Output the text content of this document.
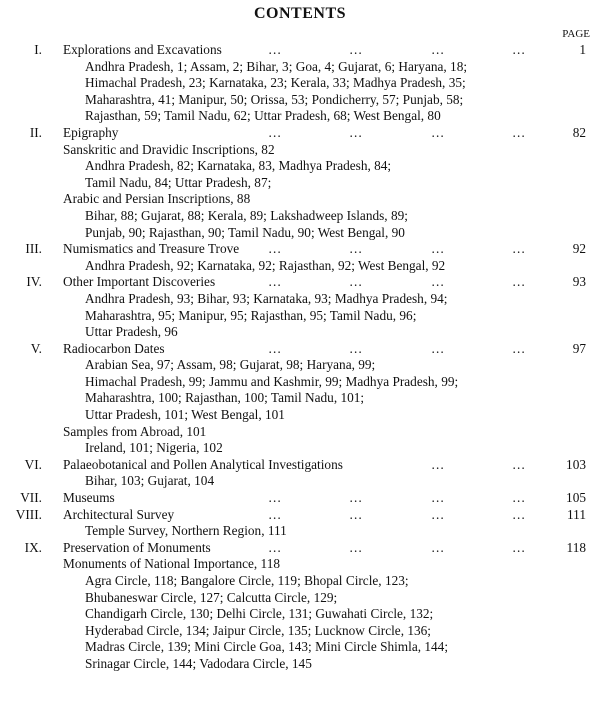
CONTENTS
PAGE
I. Explorations and Excavations	…	…	…	…	1
Andhra Pradesh, 1; Assam, 2; Bihar, 3; Goa, 4; Gujarat, 6; Haryana, 18;
Himachal Pradesh, 23; Karnataka, 23; Kerala, 33; Madhya Pradesh, 35;
Maharashtra, 41; Manipur, 50; Orissa, 53; Pondicherry, 57; Punjab, 58;
Rajasthan, 59; Tamil Nadu, 62; Uttar Pradesh, 68; West Bengal, 80
II. Epigraphy	…	…	…	…	82
Sanskritic and Dravidic Inscriptions, 82
Andhra Pradesh, 82; Karnataka, 83, Madhya Pradesh, 84;
Tamil Nadu, 84; Uttar Pradesh, 87;
Arabic and Persian Inscriptions, 88
Bihar, 88; Gujarat, 88; Kerala, 89; Lakshadweep Islands, 89;
Punjab, 90; Rajasthan, 90; Tamil Nadu, 90; West Bengal, 90
III. Numismatics and Treasure Trove …	…	…	…	92
Andhra Pradesh, 92; Karnataka, 92; Rajasthan, 92; West Bengal, 92
IV. Other Important Discoveries	…	…	…	…	93
Andhra Pradesh, 93; Bihar, 93; Karnataka, 93; Madhya Pradesh, 94;
Maharashtra, 95; Manipur, 95; Rajasthan, 95; Tamil Nadu, 96;
Uttar Pradesh, 96
V. Radiocarbon Dates	…	…	…	…	97
Arabian Sea, 97; Assam, 98; Gujarat, 98; Haryana, 99;
Himachal Pradesh, 99; Jammu and Kashmir, 99; Madhya Pradesh, 99;
Maharashtra, 100; Rajasthan, 100; Tamil Nadu, 101;
Uttar Pradesh, 101; West Bengal, 101
Samples from Abroad, 101
Ireland, 101; Nigeria, 102
VI. Palaeobotanical and Pollen Analytical Investigations	…	…	103
Bihar, 103; Gujarat, 104
VII. Museums	…	…	…	…	105
VIII. Architectural Survey	…	…	…	…	111
Temple Survey, Northern Region, 111
IX. Preservation of Monuments	…	…	…	…	118
Monuments of National Importance, 118
Agra Circle, 118; Bangalore Circle, 119; Bhopal Circle, 123;
Bhubaneswar Circle, 127; Calcutta Circle, 129;
Chandigarh Circle, 130; Delhi Circle, 131; Guwahati Circle, 132;
Hyderabad Circle, 134; Jaipur Circle, 135; Lucknow Circle, 136;
Madras Circle, 139; Mini Circle Goa, 143; Mini Circle Shimla, 144;
Srinagar Circle, 144; Vadodara Circle, 145
